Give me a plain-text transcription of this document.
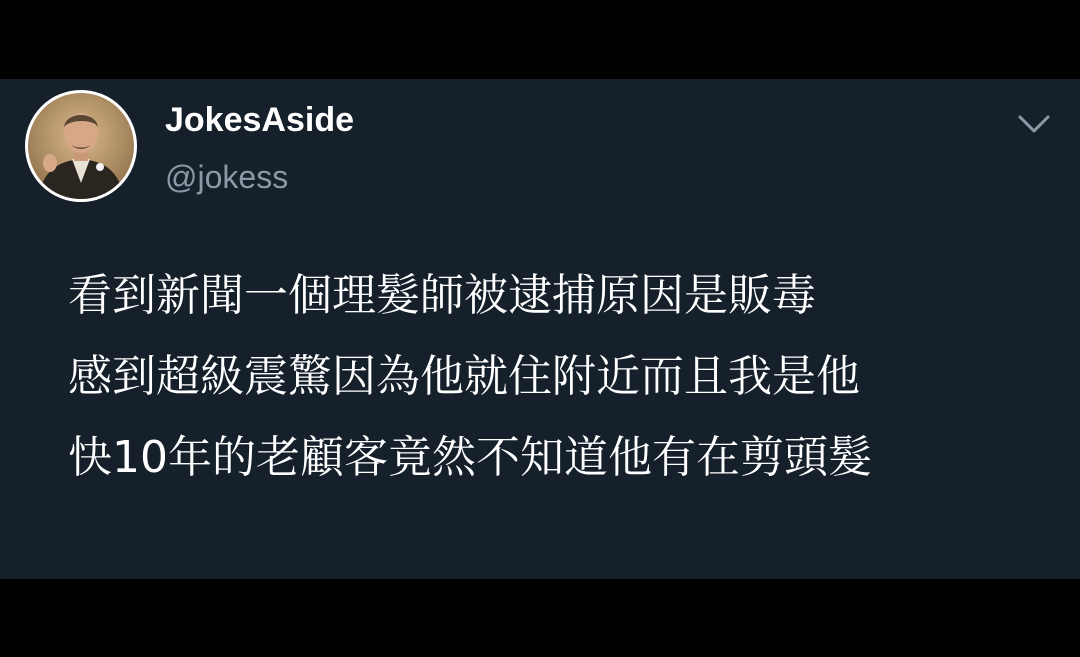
JokesAside
@jokess
看到新聞一個理髮師被逮捕原因是販毒
感到超級震驚因為他就住附近而且我是他
快10年的老顧客竟然不知道他有在剪頭髮
